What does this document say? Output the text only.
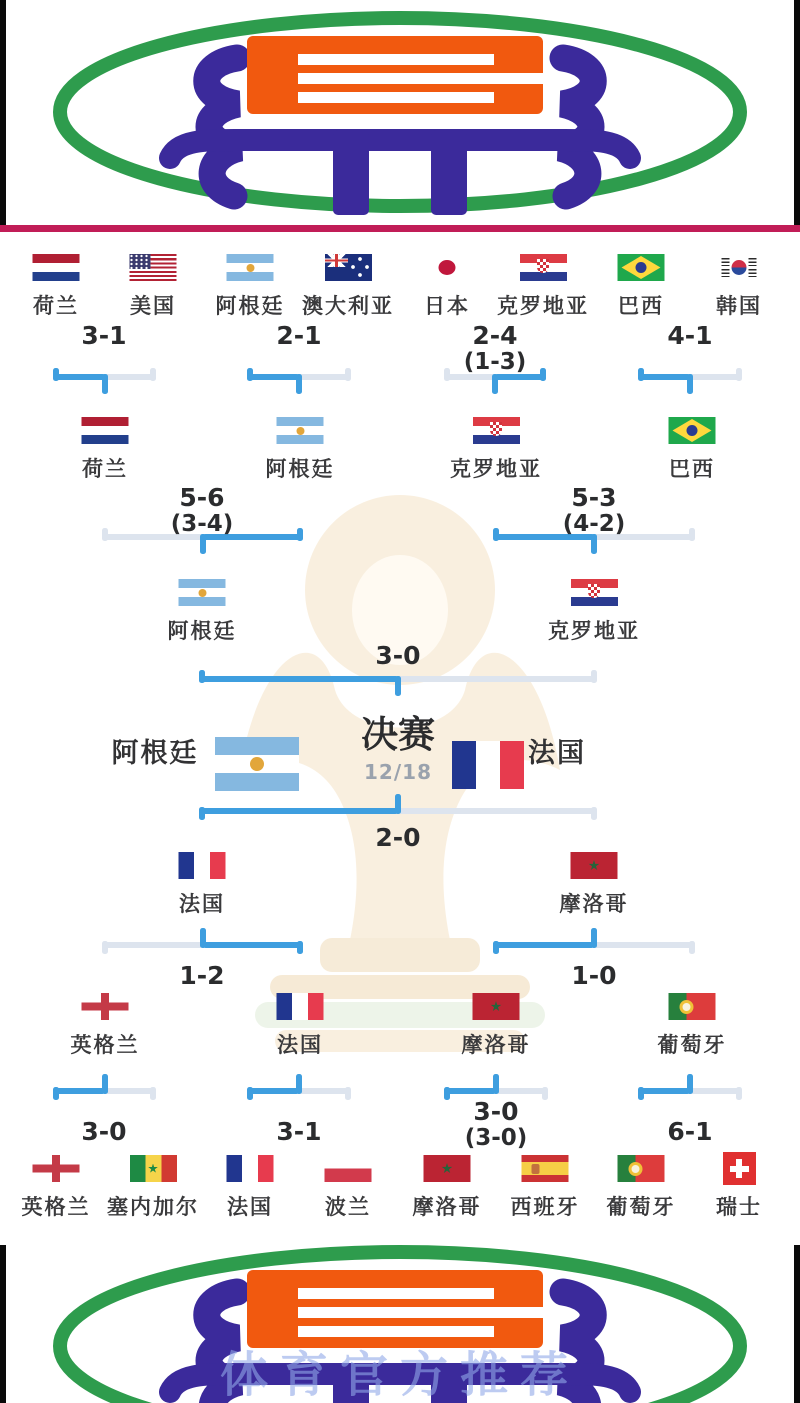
荷兰 美国 阿根廷 澳大利亚 日本 克罗地亚 巴西 韩国
3-1	2-1	2-4
(1-3)
4-1
荷兰	阿根廷	克罗地亚	巴西
5-6
(3-4)
5-3
(4-2)
阿根廷	克罗地亚
3-0
阿根廷	决赛
12/18
法国
2-0
法国	摩洛哥
1-2	1-0
英格兰	法国	摩洛哥	葡萄牙
3-0	3-1
3-0
(3-0)	6-1
英格兰 塞内加尔 法国 波兰 摩洛哥 西班牙 葡萄牙 瑞士
体育官方推荐
